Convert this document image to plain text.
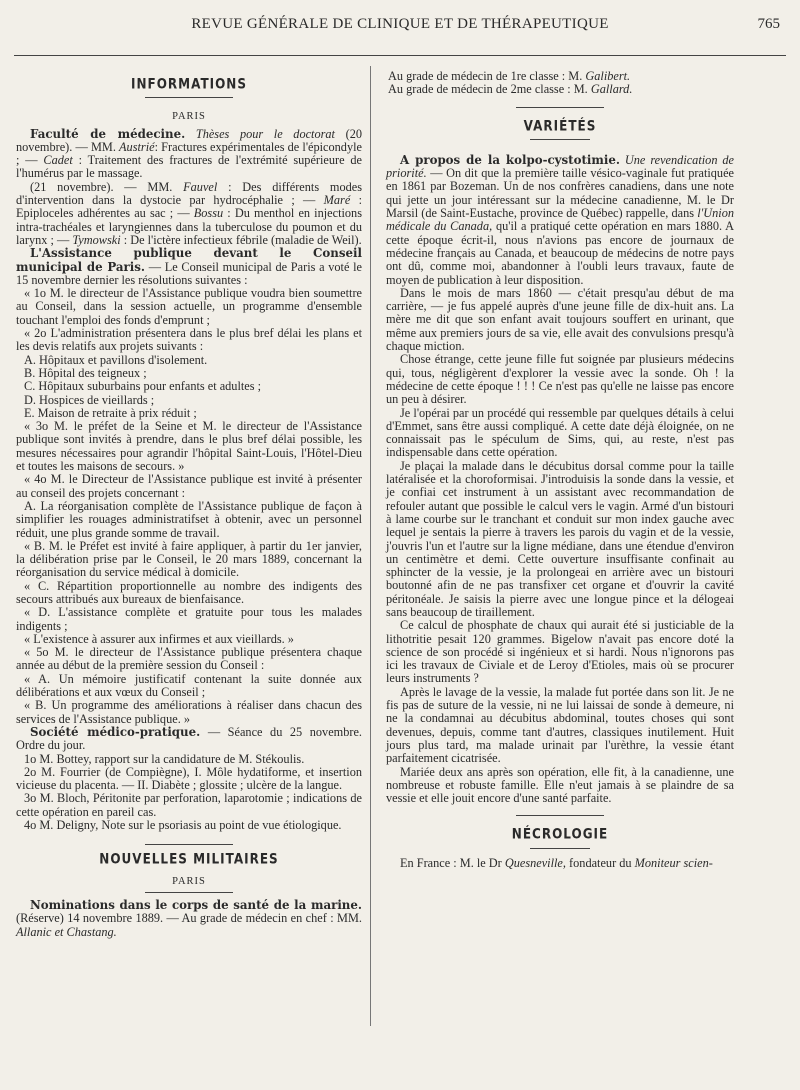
REVUE GÉNÉRALE DE CLINIQUE ET DE THÉRAPEUTIQUE	765
INFORMATIONS
PARIS

Faculté de médecine. Thèses pour le doctorat (20 novembre). — MM. Austrié: Fractures expérimentales de l'épicondyle ; — Cadet : Traitement des fractures de l'extrémité supérieure de l'humérus par le massage.

(21 novembre). — MM. Fauvel : Des différents modes d'intervention dans la dystocie par hydrocéphalie ; — Maré : Epiploceles adhérentes au sac ; — Bossu : Du menthol en injections intra-trachéales et laryngiennes dans la tuberculose du poumon et du larynx ; — Tymowski : De l'ictère infectieux fébrile (maladie de Weil).

L'Assistance publique devant le Conseil municipal de Paris. — Le Conseil municipal de Paris a voté le 15 novembre dernier les résolutions suivantes :

« 1o M. le directeur de l'Assistance publique voudra bien soumettre au Conseil, dans la session actuelle, un programme d'ensemble touchant l'emploi des fonds d'emprunt ;

« 2o L'administration présentera dans le plus bref délai les plans et les devis relatifs aux projets suivants :

A. Hôpitaux et pavillons d'isolement.

B. Hôpital des teigneux ;

C. Hôpitaux suburbains pour enfants et adultes ;

D. Hospices de vieillards ;

E. Maison de retraite à prix réduit ;

« 3o M. le préfet de la Seine et M. le directeur de l'Assistance publique sont invités à prendre, dans le plus bref délai possible, les mesures nécessaires pour agrandir l'hôpital Saint-Louis, l'Hôtel-Dieu et toutes les maisons de secours. »

« 4o M. le Directeur de l'Assistance publique est invité à présenter au conseil des projets concernant :

A. La réorganisation complète de l'Assistance publique de façon à simplifier les rouages administratifset à obtenir, avec un personnel réduit, une plus grande somme de travail.

« B. M. le Préfet est invité à faire appliquer, à partir du 1er janvier, la délibération prise par le Conseil, le 20 mars 1889, concernant la réorganisation du service médical à domicile.

« C. Répartition proportionnelle au nombre des indigents des secours attribués aux bureaux de bienfaisance.

« D. L'assistance complète et gratuite pour tous les malades indigents ;

« L'existence à assurer aux infirmes et aux vieillards. »

« 5o M. le directeur de l'Assistance publique présentera chaque année au début de la première session du Conseil :

« A. Un mémoire justificatif contenant la suite donnée aux délibérations et aux vœux du Conseil ;

« B. Un programme des améliorations à réaliser dans chacun des services de l'Assistance publique. »

Société médico-pratique. — Séance du 25 novembre. Ordre du jour.

1o M. Bottey, rapport sur la candidature de M. Stékoulis.

2o M. Fourrier (de Compiègne), I. Môle hydatiforme, et insertion vicieuse du placenta. — II. Diabète ; glossite ; ulcère de la langue.

3o M. Bloch, Péritonite par perforation, laparotomie ; indications de cette opération en pareil cas.

4o M. Deligny, Note sur le psoriasis au point de vue étiologique.

NOUVELLES MILITAIRES
PARIS

Nominations dans le corps de santé de la marine. (Réserve) 14 novembre 1889. — Au grade de médecin en chef : MM. Allanic et Chastang.

Au grade de médecin de 1re classe : M. Galibert.

Au grade de médecin de 2me classe : M. Gallard.

VARIÉTÉS

A propos de la kolpo-cystotimie. Une revendication de priorité. — On dit que la première taille vésico-vaginale fut pratiquée en 1861 par Bozeman. Un de nos confrères canadiens, dans une note qui jette un jour intéressant sur la médecine canadienne, M. le Dr Marsil (de Saint-Eustache, province de Québec) rappelle, dans l'Union médicale du Canada, qu'il a pratiqué cette opération en mars 1880. A cette époque écrit-il, nous n'avions pas encore de journaux de médecine français au Canada, et beaucoup de médecins de notre pays ont dû, comme moi, abandonner à l'oubli leurs travaux, faute de moyen de publication à leur disposition.

Dans le mois de mars 1860 — c'était presqu'au début de ma carrière, — je fus appelé auprès d'une jeune fille de dix-huit ans. La mère me dit que son enfant avait toujours souffert en urinant, que même aux premiers jours de sa vie, elle avait des convulsions presqu'à chaque miction.

Chose étrange, cette jeune fille fut soignée par plusieurs médecins qui, tous, négligèrent d'explorer la vessie avec la sonde. Oh ! la médecine de cette époque ! ! ! Ce n'est pas qu'elle ne laisse pas encore un peu à désirer.

Je l'opérai par un procédé qui ressemble par quelques détails à celui d'Emmet, sans être aussi compliqué. A cette date déjà éloignée, on ne connaissait pas le spéculum de Sims, qui, au reste, n'est pas indispensable dans cette opération.

Je plaçai la malade dans le décubitus dorsal comme pour la taille latéralisée et la choroformisai. J'introduisis la sonde dans la vessie, et je confiai cet instrument à un assistant avec recommandation de refouler autant que possible le calcul vers le vagin. Armé d'un bistouri à lame courbe sur le tranchant et conduit sur mon index gauche avec lequel je sentais la pierre à travers les parois du vagin et de la vessie, j'ouvris l'un et l'autre sur la ligne médiane, dans une étendue d'environ un centimètre et demi. Cette ouverture insuffisante confinait au sphincter de la vessie, je la prolongeai en arrière avec un bistouri boutonné afin de ne pas transfixer cet organe et d'ouvrir la cavité péritonéale. Je saisis la pierre avec une longue pince et la délogeai sans beaucoup de tiraillement.

Ce calcul de phosphate de chaux qui aurait été si justiciable de la lithotritie pesait 120 grammes. Bigelow n'avait pas encore doté la science de son procédé si ingénieux et si hardi. Nous n'ignorons pas ici les travaux de Civiale et de Leroy d'Etioles, mais où se procurer leurs instruments ?

Après le lavage de la vessie, la malade fut portée dans son lit. Je ne fis pas de suture de la vessie, ni ne lui laissai de sonde à demeure, ni ne la condamnai au décubitus abdominal, toutes choses qui sont devenues, depuis, comme tant d'autres, classiques inutilement. Huit jours plus tard, ma malade urinait par l'urèthre, la vessie étant parfaitement cicatrisée.

Mariée deux ans après son opération, elle fit, à la canadienne, une nombreuse et robuste famille. Elle n'eut jamais à se plaindre de sa vessie et elle jouit encore d'une santé parfaite.

NÉCROLOGIE

En France : M. le Dr Quesneville, fondateur du Moniteur scien-
